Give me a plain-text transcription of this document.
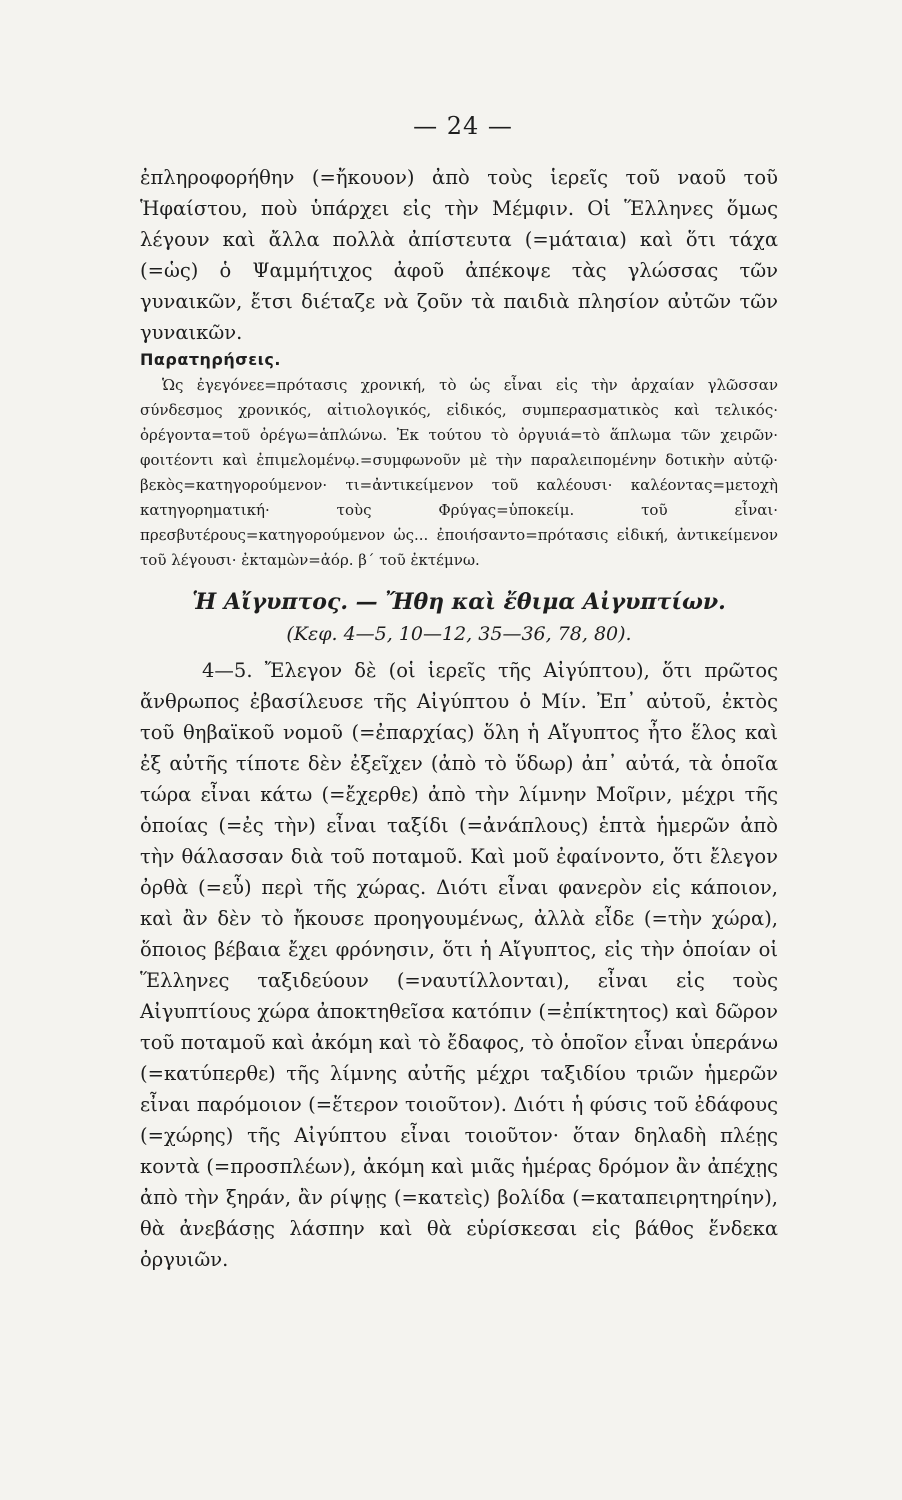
— 24 —

ἐπληροφορήθην (=ἤκουον) ἀπὸ τοὺς ἱερεῖς τοῦ ναοῦ τοῦ Ἡφαίστου, ποὺ ὑπάρχει εἰς τὴν Μέμφιν. Οἱ Ἕλληνες ὅμως λέγουν καὶ ἄλλα πολλὰ ἀπίστευτα (=μάταια) καὶ ὅτι τάχα (=ὡς) ὁ Ψαμμήτιχος ἀφοῦ ἀπέκοψε τὰς γλώσσας τῶν γυναικῶν, ἔτσι διέταζε νὰ ζοῦν τὰ παιδιὰ πλησίον αὐτῶν τῶν γυναικῶν.

Παρατηρήσεις.

Ὡς ἐγεγόνεε=πρότασις χρονική, τὸ ὡς εἶναι εἰς τὴν ἀρχαίαν γλῶσσαν σύνδεσμος χρονικός, αἰτιολογικός, εἰδικός, συμπερασματικὸς καὶ τελικός· ὀρέγοντα=τοῦ ὀρέγω=ἁπλώνω. Ἐκ τούτου τὸ ὀργυιά=τὸ ἅπλωμα τῶν χειρῶν· φοιτέοντι καὶ ἐπιμελομένῳ.=συμφωνοῦν μὲ τὴν παραλειπομένην δοτικὴν αὐτῷ· βεκὸς=κατηγορούμενον· τι=ἀντικείμενον τοῦ καλέουσι· καλέοντας=μετοχὴ κατηγορηματική· τοὺς Φρύγας=ὑποκείμ. τοῦ εἶναι· πρεσβυτέρους=κατηγορούμενον ὡς... ἐποιήσαντο=πρότασις εἰδική, ἀντικείμενον τοῦ λέγουσι· ἐκταμὼν=ἀόρ. β΄ τοῦ ἐκτέμνω.

Ἡ Αἴγυπτος. — Ἤθη καὶ ἔθιμα Αἰγυπτίων.
(Κεφ. 4—5, 10—12, 35—36, 78, 80).

4—5. Ἔλεγον δὲ (οἱ ἱερεῖς τῆς Αἰγύπτου), ὅτι πρῶτος ἄνθρωπος ἐβασίλευσε τῆς Αἰγύπτου ὁ Μίν. Ἐπ᾿ αὐτοῦ, ἐκτὸς τοῦ θηβαϊκοῦ νομοῦ (=ἐπαρχίας) ὅλη ἡ Αἴγυπτος ἦτο ἕλος καὶ ἐξ αὐτῆς τίποτε δὲν ἐξεῖχεν (ἀπὸ τὸ ὕδωρ) ἀπ᾿ αὐτά, τὰ ὁποῖα τώρα εἶναι κάτω (=ἔχερθε) ἀπὸ τὴν λίμνην Μοῖριν, μέχρι τῆς ὁποίας (=ἐς τὴν) εἶναι ταξίδι (=ἀνάπλους) ἑπτὰ ἡμερῶν ἀπὸ τὴν θάλασσαν διὰ τοῦ ποταμοῦ. Καὶ μοῦ ἐφαίνοντο, ὅτι ἔλεγον ὀρθὰ (=εὖ) περὶ τῆς χώρας. Διότι εἶναι φανερὸν εἰς κάποιον, καὶ ἂν δὲν τὸ ἤκουσε προηγουμένως, ἀλλὰ εἶδε (=τὴν χώρα), ὅποιος βέβαια ἔχει φρόνησιν, ὅτι ἡ Αἴγυπτος, εἰς τὴν ὁποίαν οἱ Ἕλληνες ταξιδεύουν (=ναυτίλλονται), εἶναι εἰς τοὺς Αἰγυπτίους χώρα ἀποκτηθεῖσα κατόπιν (=ἐπίκτητος) καὶ δῶρον τοῦ ποταμοῦ καὶ ἀκόμη καὶ τὸ ἔδαφος, τὸ ὁποῖον εἶναι ὑπεράνω (=κατύπερθε) τῆς λίμνης αὐτῆς μέχρι ταξιδίου τριῶν ἡμερῶν εἶναι παρόμοιον (=ἕτερον τοιοῦτον). Διότι ἡ φύσις τοῦ ἐδάφους (=χώρης) τῆς Αἰγύπτου εἶναι τοιοῦτον· ὅταν δηλαδὴ πλέῃς κοντὰ (=προσπλέων), ἀκόμη καὶ μιᾶς ἡμέρας δρόμον ἂν ἀπέχῃς ἀπὸ τὴν ξηράν, ἂν ρίψῃς (=κατεὶς) βολίδα (=καταπειρητηρίην), θὰ ἀνεβάσῃς λάσπην καὶ θὰ εὑρίσκεσαι εἰς βάθος ἕνδεκα ὀργυιῶν.
